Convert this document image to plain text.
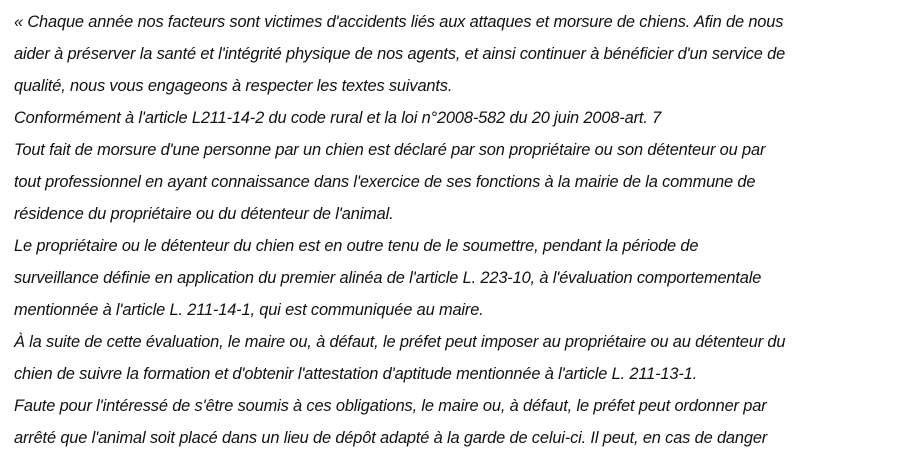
« Chaque année nos facteurs sont victimes d'accidents liés aux attaques et morsure de chiens. Afin de nous
aider à préserver la santé et l'intégrité physique de nos agents, et ainsi continuer à bénéficier d'un service de
qualité, nous vous engageons à respecter les textes suivants.
Conformément à l'article L211-14-2 du code rural et la loi n°2008-582 du 20 juin 2008-art. 7
Tout fait de morsure d'une personne par un chien est déclaré par son propriétaire ou son détenteur ou par
tout professionnel en ayant connaissance dans l'exercice de ses fonctions à la mairie de la commune de
résidence du propriétaire ou du détenteur de l'animal.
Le propriétaire ou le détenteur du chien est en outre tenu de le soumettre, pendant la période de
surveillance définie en application du premier alinéa de l'article L. 223-10, à l'évaluation comportementale
mentionnée à l'article L. 211-14-1, qui est communiquée au maire.
À la suite de cette évaluation, le maire ou, à défaut, le préfet peut imposer au propriétaire ou au détenteur du
chien de suivre la formation et d'obtenir l'attestation d'aptitude mentionnée à l'article L. 211-13-1.
Faute pour l'intéressé de s'être soumis à ces obligations, le maire ou, à défaut, le préfet peut ordonner par
arrêté que l'animal soit placé dans un lieu de dépôt adapté à la garde de celui-ci. Il peut, en cas de danger
